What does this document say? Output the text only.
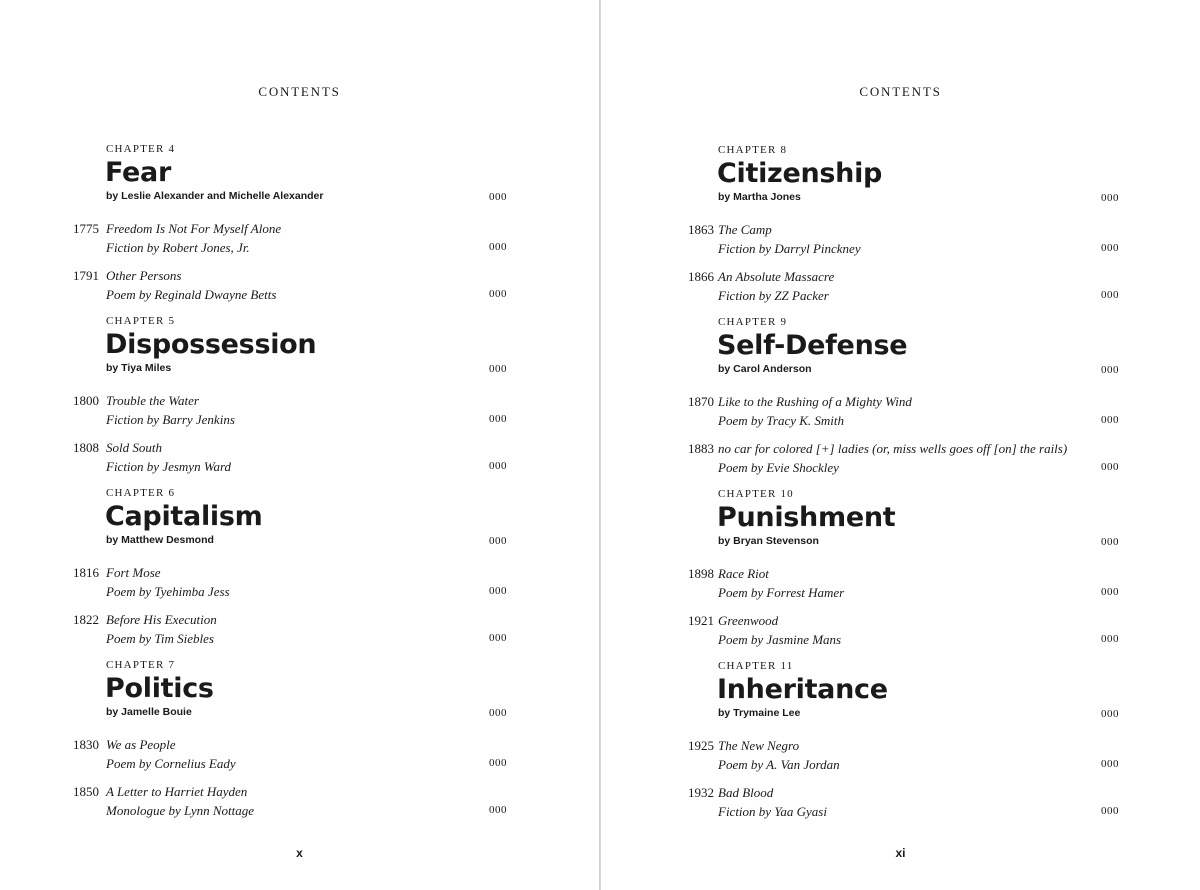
CONTENTS
CHAPTER 4
Fear
by Leslie Alexander and Michelle Alexander	000
1775 Freedom Is Not For Myself Alone
Fiction by Robert Jones, Jr.	000
1791 Other Persons
Poem by Reginald Dwayne Betts	000
CHAPTER 5
Dispossession
by Tiya Miles	000
1800 Trouble the Water
Fiction by Barry Jenkins	000
1808 Sold South
Fiction by Jesmyn Ward	000
CHAPTER 6
Capitalism
by Matthew Desmond	000
1816 Fort Mose
Poem by Tyehimba Jess	000
1822 Before His Execution
Poem by Tim Siebles	000
CHAPTER 7
Politics
by Jamelle Bouie	000
1830 We as People
Poem by Cornelius Eady	000
1850 A Letter to Harriet Hayden
Monologue by Lynn Nottage	000
x
CONTENTS
CHAPTER 8
Citizenship
by Martha Jones	000
1863 The Camp
Fiction by Darryl Pinckney	000
1866 An Absolute Massacre
Fiction by ZZ Packer	000
CHAPTER 9
Self-Defense
by Carol Anderson	000
1870 Like to the Rushing of a Mighty Wind
Poem by Tracy K. Smith	000
1883 no car for colored [+] ladies (or, miss wells goes off [on] the rails)
Poem by Evie Shockley	000
CHAPTER 10
Punishment
by Bryan Stevenson	000
1898 Race Riot
Poem by Forrest Hamer	000
1921 Greenwood
Poem by Jasmine Mans	000
CHAPTER 11
Inheritance
by Trymaine Lee	000
1925 The New Negro
Poem by A. Van Jordan	000
1932 Bad Blood
Fiction by Yaa Gyasi	000
xi
